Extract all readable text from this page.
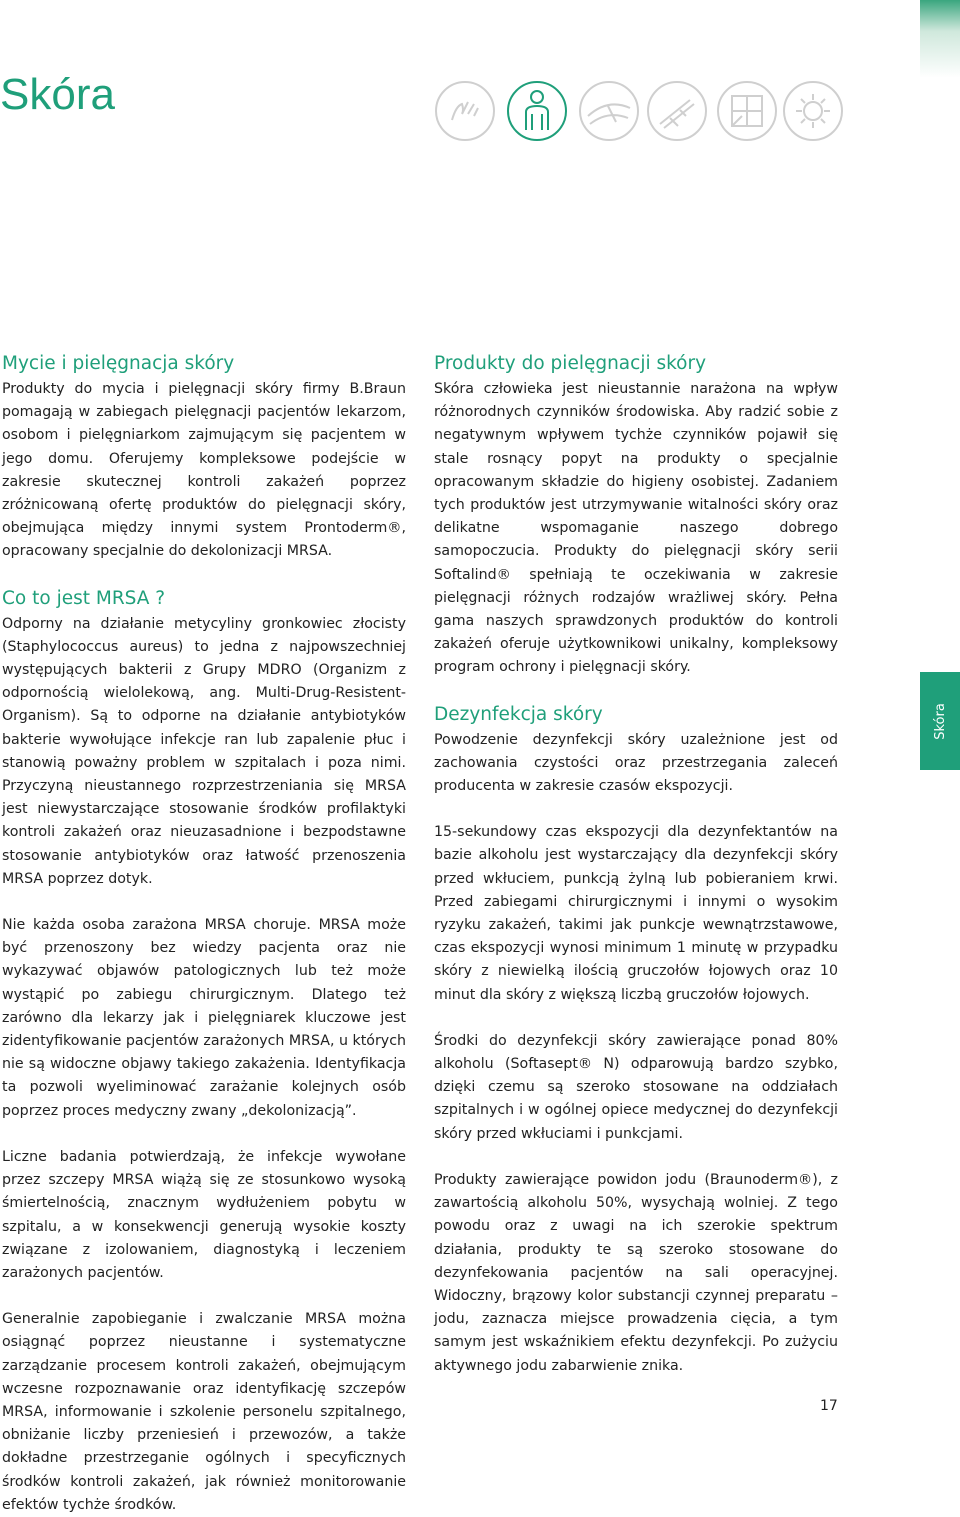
Skóra
Mycie i pielęgnacja skóry

Produkty do mycia i pielęgnacji skóry firmy B.Braun pomagają w zabiegach pielęgnacji pacjentów lekarzom, osobom i pielęgniarkom zajmującym się pacjentem w jego domu. Oferujemy kompleksowe podejście w zakresie skutecznej kontroli zakażeń poprzez zróżnicowaną ofertę produktów do pielęgnacji skóry, obejmująca między innymi system Prontoderm®, opracowany specjalnie do dekolonizacji MRSA.

Co to jest MRSA ?

Odporny na działanie metycyliny gronkowiec złocisty (Staphylococcus aureus) to jedna z najpowszechniej występujących bakterii z Grupy MDRO (Organizm z odpornością wielolekową, ang. Multi-Drug-Resistent-Organism). Są to odporne na działanie antybiotyków bakterie wywołujące infekcje ran lub zapalenie płuc i stanowią poważny problem w szpitalach i poza nimi. Przyczyną nieustannego rozprzestrzeniania się MRSA jest niewystarczające stosowanie środków profilaktyki kontroli zakażeń oraz nieuzasadnione i bezpodstawne stosowanie antybiotyków oraz łatwość przenoszenia MRSA poprzez dotyk.

Nie każda osoba zarażona MRSA choruje. MRSA może być przenoszony bez wiedzy pacjenta oraz nie wykazywać objawów patologicznych lub też może wystąpić po zabiegu chirurgicznym. Dlatego też zarówno dla lekarzy jak i pielęgniarek kluczowe jest zidentyfikowanie pacjentów zarażonych MRSA, u których nie są widoczne objawy takiego zakażenia. Identyfikacja ta pozwoli wyeliminować zarażanie kolejnych osób poprzez proces medyczny zwany „dekolonizacją”.

Liczne badania potwierdzają, że infekcje wywołane przez szczepy MRSA wiążą się ze stosunkowo wysoką śmiertelnością, znacznym wydłużeniem pobytu w szpitalu, a w konsekwencji generują wysokie koszty związane z izolowaniem, diagnostyką i leczeniem zarażonych pacjentów.

Generalnie zapobieganie i zwalczanie MRSA można osiągnąć poprzez nieustanne i systematyczne zarządzanie procesem kontroli zakażeń, obejmującym wczesne rozpoznawanie oraz identyfikację szczepów MRSA, informowanie i szkolenie personelu szpitalnego, obniżanie liczby przeniesień i przewozów, a także dokładne przestrzeganie ogólnych i specyficznych środków kontroli zakażeń, jak również monitorowanie efektów tychże środków.

Produkty do pielęgnacji skóry

Skóra człowieka jest nieustannie narażona na wpływ różnorodnych czynników środowiska. Aby radzić sobie z negatywnym wpływem tychże czynników pojawił się stale rosnący popyt na produkty o specjalnie opracowanym składzie do higieny osobistej. Zadaniem tych produktów jest utrzymywanie witalności skóry oraz delikatne wspomaganie naszego dobrego samopoczucia. Produkty do pielęgnacji skóry serii Softalind® spełniają te oczekiwania w zakresie pielęgnacji różnych rodzajów wrażliwej skóry. Pełna gama naszych sprawdzonych produktów do kontroli zakażeń oferuje użytkownikowi unikalny, kompleksowy program ochrony i pielęgnacji skóry.

Dezynfekcja skóry

Powodzenie dezynfekcji skóry uzależnione jest od zachowania czystości oraz przestrzegania zaleceń producenta w zakresie czasów ekspozycji.

15-sekundowy czas ekspozycji dla dezynfektantów na bazie alkoholu jest wystarczający dla dezynfekcji skóry przed wkłuciem, punkcją żylną lub pobieraniem krwi. Przed zabiegami chirurgicznymi i innymi o wysokim ryzyku zakażeń, takimi jak punkcje wewnątrzstawowe, czas ekspozycji wynosi minimum 1 minutę w przypadku skóry z niewielką ilością gruczołów łojowych oraz 10 minut dla skóry z większą liczbą gruczołów łojowych.

Środki do dezynfekcji skóry zawierające ponad 80% alkoholu (Softasept® N) odparowują bardzo szybko, dzięki czemu są szeroko stosowane na oddziałach szpitalnych i w ogólnej opiece medycznej do dezynfekcji skóry przed wkłuciami i punkcjami.

Produkty zawierające powidon jodu (Braunoderm®), z zawartością alkoholu 50%, wysychają wolniej. Z tego powodu oraz z uwagi na ich szerokie spektrum działania, produkty te są szeroko stosowane do dezynfekowania pacjentów na sali operacyjnej. Widoczny, brązowy kolor substancji czynnej preparatu – jodu, zaznacza miejsce prowadzenia cięcia, a tym samym jest wskaźnikiem efektu dezynfekcji. Po zużyciu aktywnego jodu zabarwienie znika.

Skóra
17
